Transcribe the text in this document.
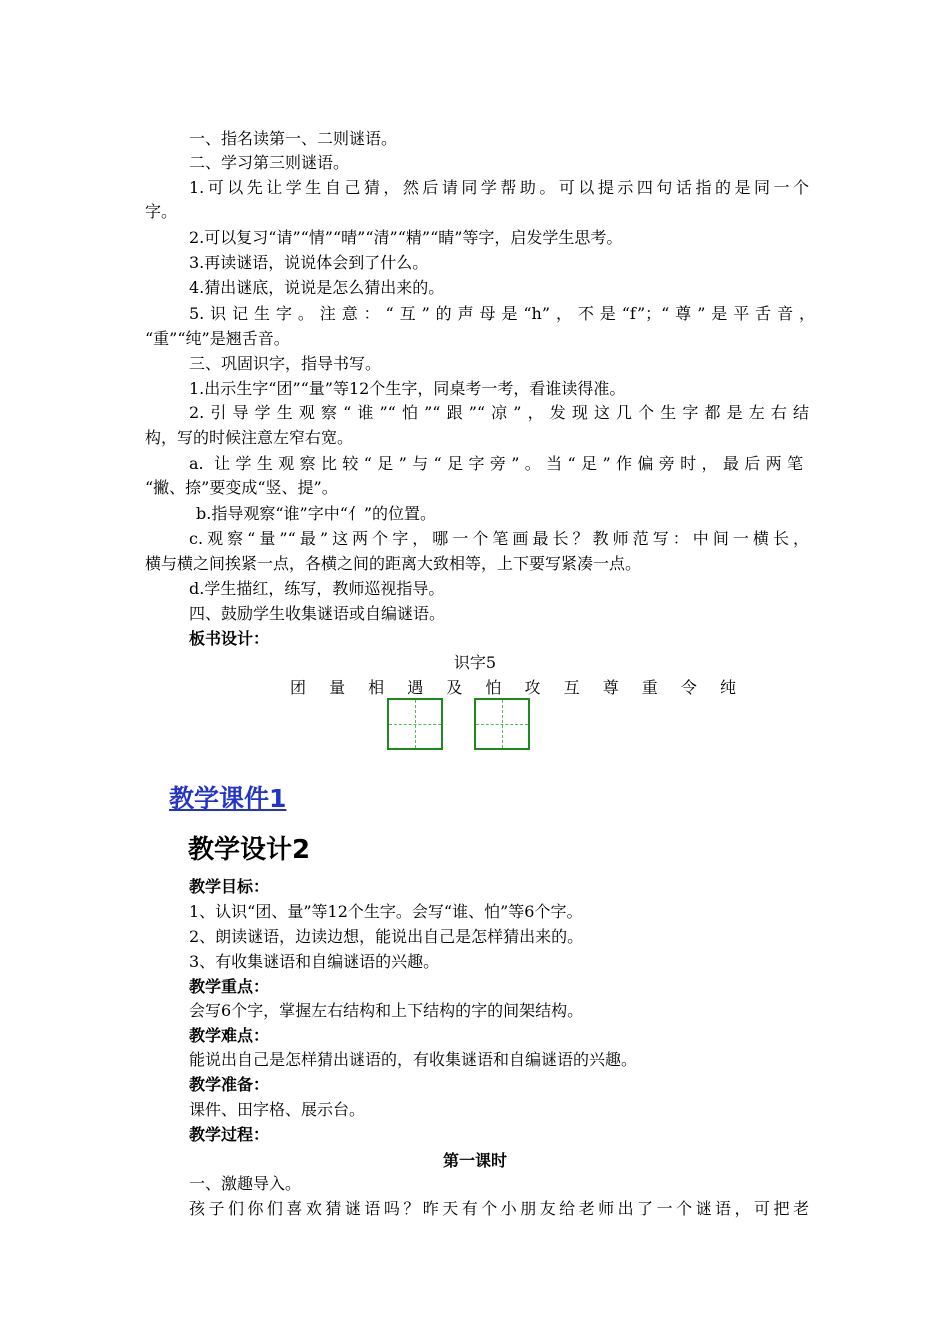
一、指名读第一、二则谜语。
二、学习第三则谜语。
1.可以先让学生自己猜，然后请同学帮助。可以提示四句话指的是同一个
字。
2.可以复习“请”“情”“晴”“清”“精”“睛”等字，启发学生思考。
3.再读谜语，说说体会到了什么。
4.猜出谜底，说说是怎么猜出来的。
5.识记生字。注意：“互”的声母是“h”，不是“f”；“尊”是平舌音，
“重”“纯”是翘舌音。
三、巩固识字，指导书写。
1.出示生字“团”“量”等12个生字，同桌考一考，看谁读得准。
2.引导学生观察“谁”“怕”“跟”“凉”，发现这几个生字都是左右结
构，写的时候注意左窄右宽。
a. 让学生观察比较“足”与“足字旁”。当“足”作偏旁时，最后两笔
“撇、捺”要变成“竖、提”。
b.指导观察“谁”字中“亻”的位置。
c.观察“量”“最”这两个字，哪一个笔画最长？教师范写：中间一横长，
横与横之间挨紧一点，各横之间的距离大致相等，上下要写紧凑一点。
d.学生描红，练写，教师巡视指导。
四、鼓励学生收集谜语或自编谜语。
板书设计：
识字5
团 量 相 遇 及 怕 攻 互 尊 重 令 纯
教学课件1
教学设计2
教学目标：
1、认识“团、量”等12个生字。会写“谁、怕”等6个字。
2、朗读谜语，边读边想，能说出自己是怎样猜出来的。
3、有收集谜语和自编谜语的兴趣。
教学重点：
会写6个字，掌握左右结构和上下结构的字的间架结构。
教学难点：
能说出自己是怎样猜出谜语的，有收集谜语和自编谜语的兴趣。
教学准备：
课件、田字格、展示台。
教学过程：
第一课时
一、激趣导入。
孩子们你们喜欢猜谜语吗？昨天有个小朋友给老师出了一个谜语，可把老
